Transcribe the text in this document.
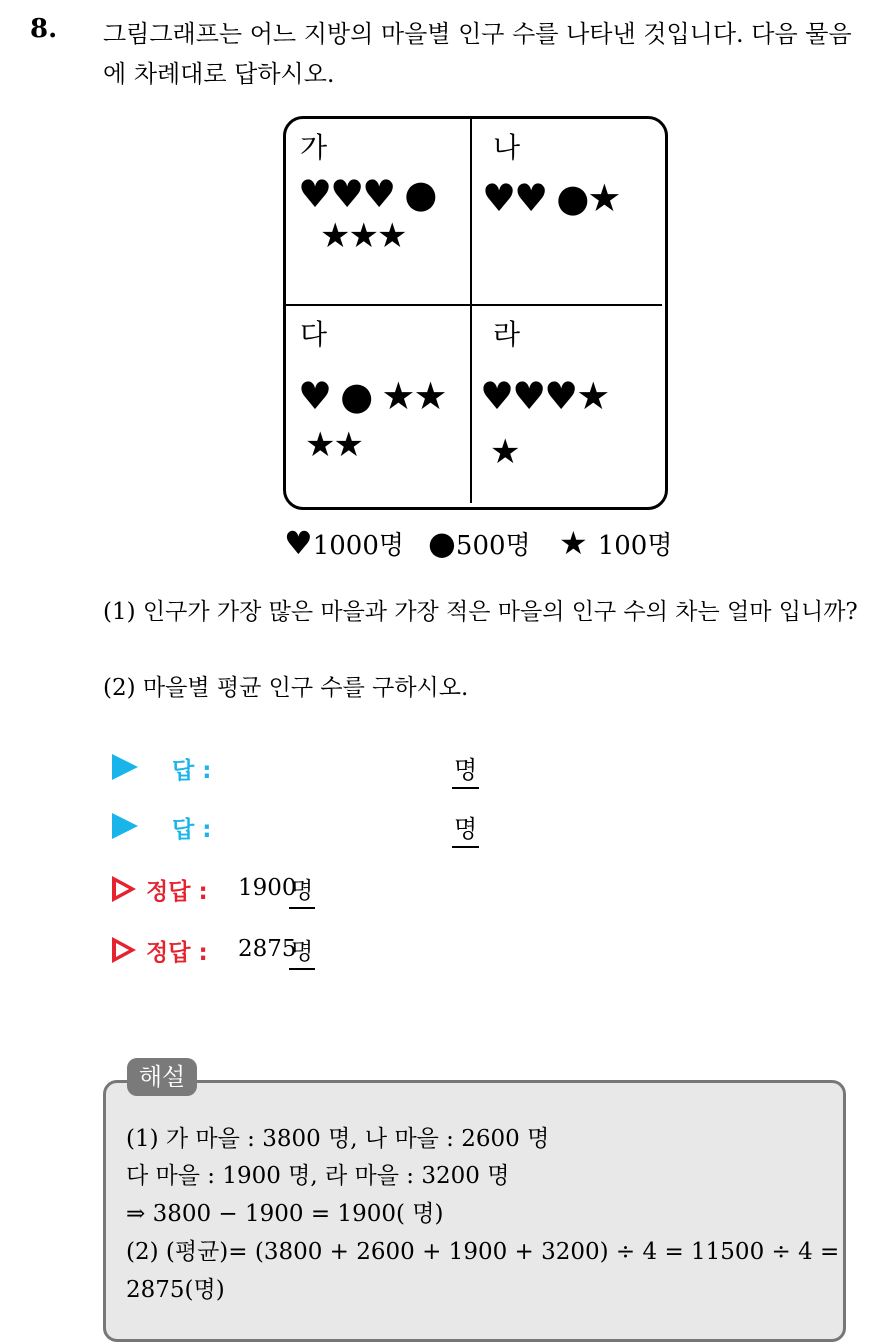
8. 그림그래프는 어느 지방의 마을별 인구 수를 나타낸 것입니다. 다음 물음에 차례대로 답하시오.
가
♥♥♥ ●
★★★
나
♥♥ ●★
다
♥ ● ★★
★★
라
♥♥♥★
★
♥1000명 ●500명 ★ 100명
(1) 인구가 가장 많은 마을과 가장 적은 마을의 인구 수의 차는 얼마 입니까?
(2) 마을별 평균 인구 수를 구하시오.
답 :	명
답 :	명
정답 : 1900
명
정답 : 2875
명
해설
(1) 가 마을 : 3800 명, 나 마을 : 2600 명
다 마을 : 1900 명, 라 마을 : 3200 명
⇒ 3800 − 1900 = 1900( 명)
(2) (평균)= (3800 + 2600 + 1900 + 3200) ÷ 4 = 11500 ÷ 4 =
2875(명)
